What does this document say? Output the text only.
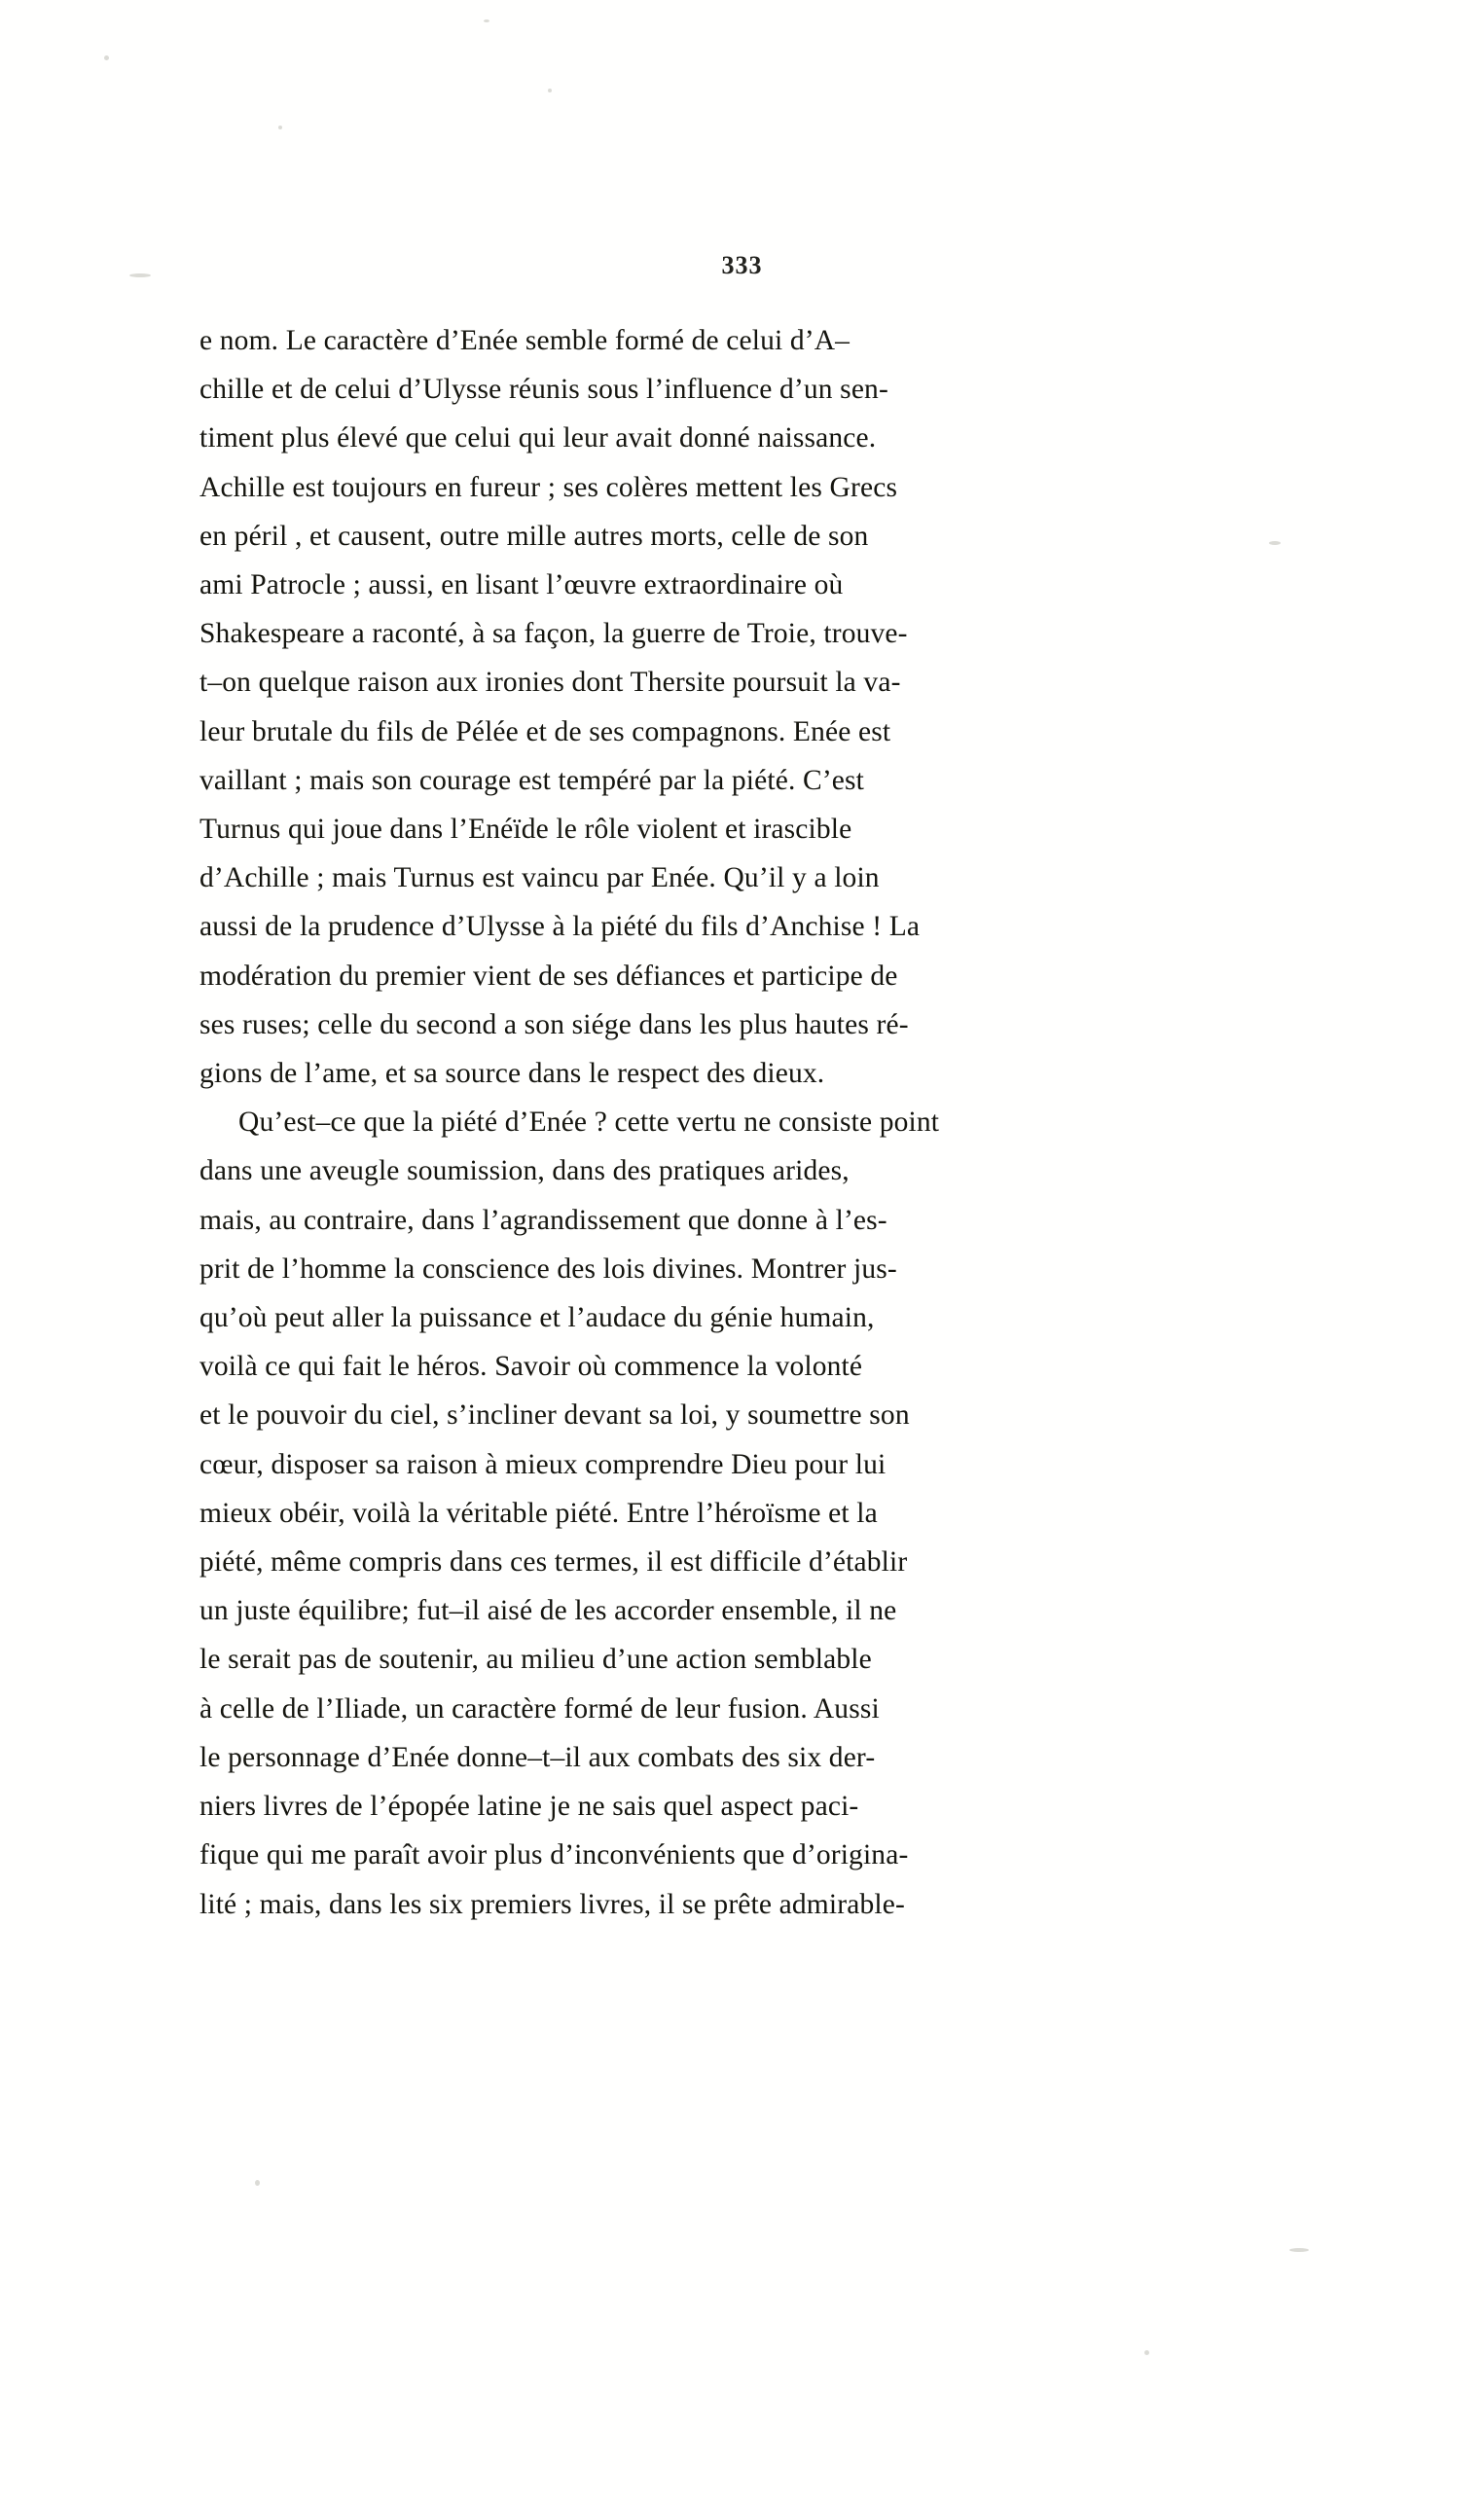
333

e nom. Le caractère d’Enée semble formé de celui d’A–
chille et de celui d’Ulysse réunis sous l’influence d’un sen-
timent plus élevé que celui qui leur avait donné naissance.
Achille est toujours en fureur ; ses colères mettent les Grecs
en péril , et causent, outre mille autres morts, celle de son
ami Patrocle ; aussi, en lisant l’œuvre extraordinaire où
Shakespeare a raconté, à sa façon, la guerre de Troie, trouve-
t–on quelque raison aux ironies dont Thersite poursuit la va-
leur brutale du fils de Pélée et de ses compagnons. Enée est
vaillant ; mais son courage est tempéré par la piété. C’est
Turnus qui joue dans l’Enéïde le rôle violent et irascible
d’Achille ; mais Turnus est vaincu par Enée. Qu’il y a loin
aussi de la prudence d’Ulysse à la piété du fils d’Anchise ! La
modération du premier vient de ses défiances et participe de
ses ruses; celle du second a son siége dans les plus hautes ré-
gions de l’ame, et sa source dans le respect des dieux.

Qu’est–ce que la piété d’Enée ? cette vertu ne consiste point
dans une aveugle soumission, dans des pratiques arides,
mais, au contraire, dans l’agrandissement que donne à l’es-
prit de l’homme la conscience des lois divines. Montrer jus-
qu’où peut aller la puissance et l’audace du génie humain,
voilà ce qui fait le héros. Savoir où commence la volonté
et le pouvoir du ciel, s’incliner devant sa loi, y soumettre son
cœur, disposer sa raison à mieux comprendre Dieu pour lui
mieux obéir, voilà la véritable piété. Entre l’héroïsme et la
piété, même compris dans ces termes, il est difficile d’établir
un juste équilibre; fut–il aisé de les accorder ensemble, il ne
le serait pas de soutenir, au milieu d’une action semblable
à celle de l’Iliade, un caractère formé de leur fusion. Aussi
le personnage d’Enée donne–t–il aux combats des six der-
niers livres de l’épopée latine je ne sais quel aspect paci-
fique qui me paraît avoir plus d’inconvénients que d’origina-
lité ; mais, dans les six premiers livres, il se prête admirable-
